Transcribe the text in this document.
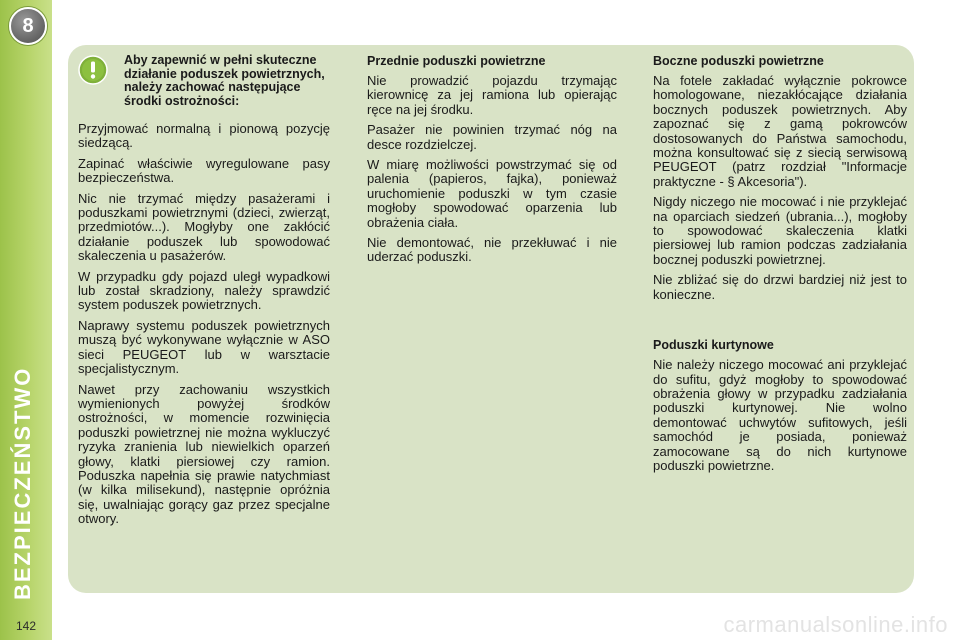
8
BEZPIECZEŃSTWO
142
Aby zapewnić w pełni skuteczne działanie poduszek powietrznych, należy zachować następujące środki ostrożności:

Przyjmować normalną i pionową pozycję siedzącą.

Zapinać właściwie wyregulowane pasy bezpieczeństwa.

Nic nie trzymać między pasażerami i poduszkami powietrznymi (dzieci, zwierząt, przedmiotów...). Mogłyby one zakłócić działanie poduszek lub spowodować skaleczenia u pasażerów.

W przypadku gdy pojazd uległ wypadkowi lub został skradziony, należy sprawdzić system poduszek powietrznych.

Naprawy systemu poduszek powietrznych muszą być wykonywane wyłącznie w ASO sieci PEUGEOT lub w warsztacie specjalistycznym.

Nawet przy zachowaniu wszystkich wymienionych powyżej środków ostrożności, w momencie rozwinięcia poduszki powietrznej nie można wykluczyć ryzyka zranienia lub niewielkich oparzeń głowy, klatki piersiowej czy ramion. Poduszka napełnia się prawie natychmiast (w kilka milisekund), następnie opróżnia się, uwalniając gorący gaz przez specjalne otwory.

Przednie poduszki powietrzne

Nie prowadzić pojazdu trzymając kierownicę za jej ramiona lub opierając ręce na jej środku.

Pasażer nie powinien trzymać nóg na desce rozdzielczej.

W miarę możliwości powstrzymać się od palenia (papieros, fajka), ponieważ uruchomienie poduszki w tym czasie mogłoby spowodować oparzenia lub obrażenia ciała.

Nie demontować, nie przekłuwać i nie uderzać poduszki.

Boczne poduszki powietrzne

Na fotele zakładać wyłącznie pokrowce homologowane, niezakłócające działania bocznych poduszek powietrznych. Aby zapoznać się z gamą pokrowców dostosowanych do Państwa samochodu, można konsultować się z siecią serwisową PEUGEOT (patrz rozdział "Informacje praktyczne - § Akcesoria").

Nigdy niczego nie mocować i nie przyklejać na oparciach siedzeń (ubrania...), mogłoby to spowodować skaleczenia klatki piersiowej lub ramion podczas zadziałania bocznej poduszki powietrznej.

Nie zbliżać się do drzwi bardziej niż jest to konieczne.

Poduszki kurtynowe

Nie należy niczego mocować ani przyklejać do sufitu, gdyż mogłoby to spowodować obrażenia głowy w przypadku zadziałania poduszki kurtynowej. Nie wolno demontować uchwytów sufitowych, jeśli samochód je posiada, ponieważ zamocowane są do nich kurtynowe poduszki powietrzne.

carmanualsonline.info
